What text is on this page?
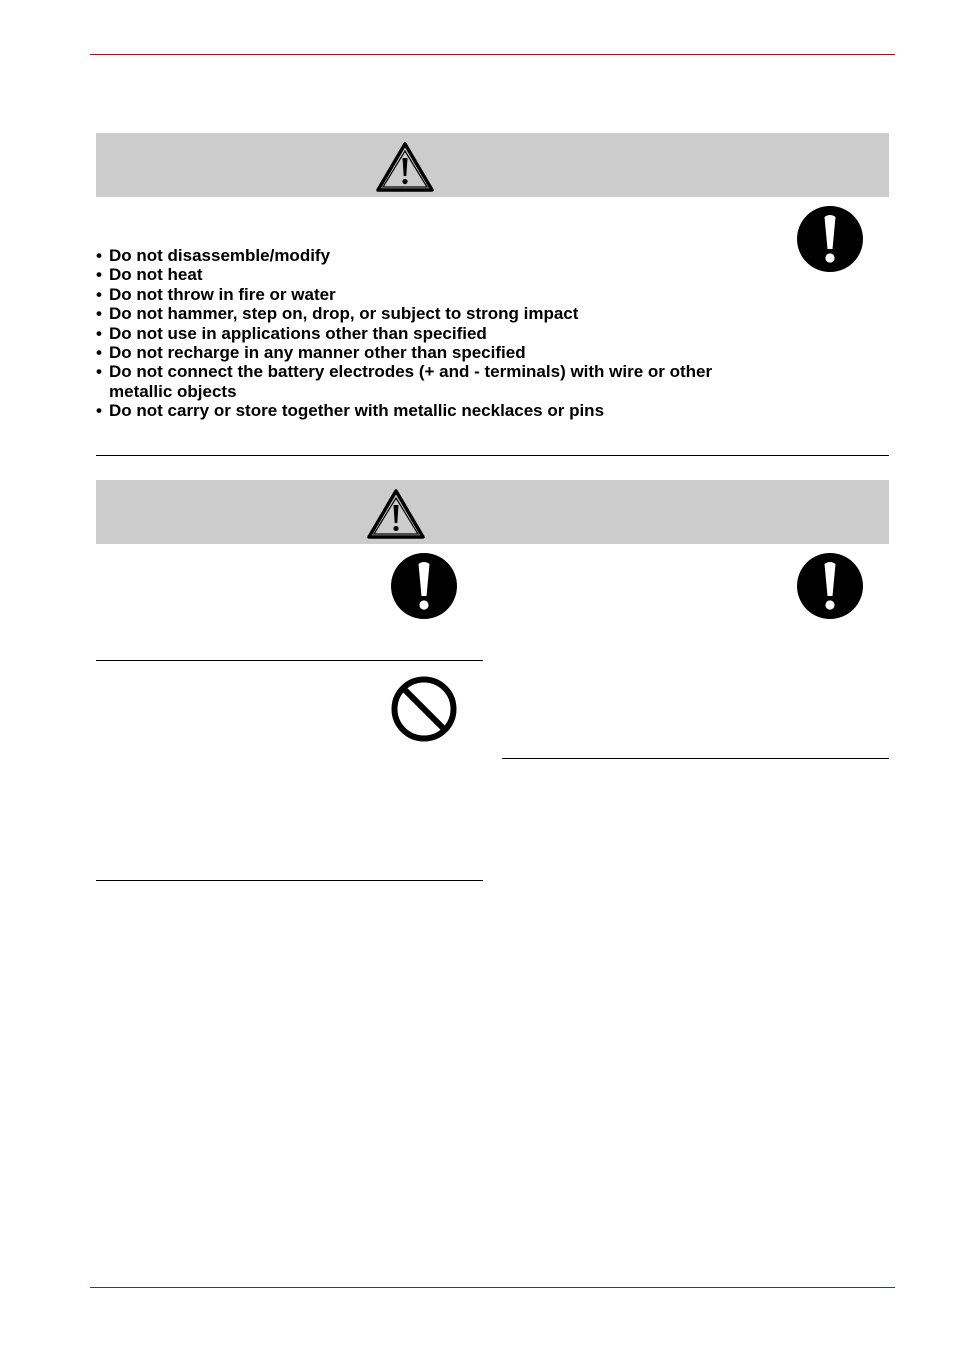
• Do not disassemble/modify
• Do not heat
• Do not throw in fire or water
• Do not hammer, step on, drop, or subject to strong impact
• Do not use in applications other than specified
• Do not recharge in any manner other than specified
• Do not connect the battery electrodes (+ and - terminals) with wire or other metallic objects
• Do not carry or store together with metallic necklaces or pins
